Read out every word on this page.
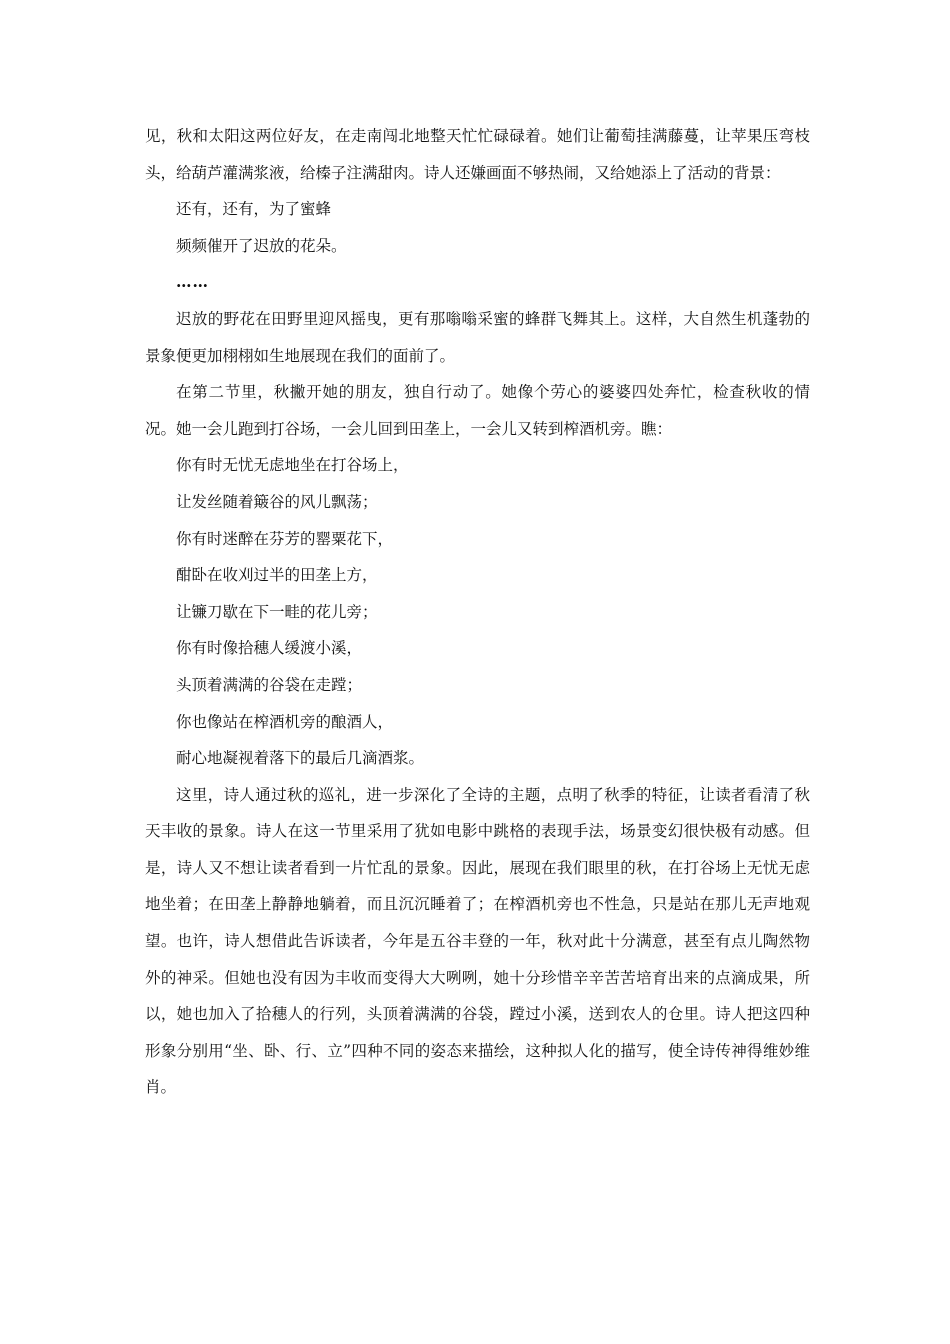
见，秋和太阳这两位好友，在走南闯北地整天忙忙碌碌着。她们让葡萄挂满藤蔓，让苹果压弯枝头，给葫芦灌满浆液，给榛子注满甜肉。诗人还嫌画面不够热闹，又给她添上了活动的背景：

还有，还有，为了蜜蜂

频频催开了迟放的花朵。

……

迟放的野花在田野里迎风摇曳，更有那嗡嗡采蜜的蜂群飞舞其上。这样，大自然生机蓬勃的景象便更加栩栩如生地展现在我们的面前了。

在第二节里，秋撇开她的朋友，独自行动了。她像个劳心的婆婆四处奔忙，检查秋收的情况。她一会儿跑到打谷场，一会儿回到田垄上，一会儿又转到榨酒机旁。瞧：

你有时无忧无虑地坐在打谷场上，

让发丝随着簸谷的风儿飘荡；

你有时迷醉在芬芳的罂粟花下，

酣卧在收刈过半的田垄上方，

让镰刀歇在下一畦的花儿旁；

你有时像拾穗人缓渡小溪，

头顶着满满的谷袋在走蹚；

你也像站在榨酒机旁的酿酒人，

耐心地凝视着落下的最后几滴酒浆。

这里，诗人通过秋的巡礼，进一步深化了全诗的主题，点明了秋季的特征，让读者看清了秋天丰收的景象。诗人在这一节里采用了犹如电影中跳格的表现手法，场景变幻很快极有动感。但是，诗人又不想让读者看到一片忙乱的景象。因此，展现在我们眼里的秋，在打谷场上无忧无虑地坐着；在田垄上静静地躺着，而且沉沉睡着了；在榨酒机旁也不性急，只是站在那儿无声地观望。也许，诗人想借此告诉读者，今年是五谷丰登的一年，秋对此十分满意，甚至有点儿陶然物外的神采。但她也没有因为丰收而变得大大咧咧，她十分珍惜辛辛苦苦培育出来的点滴成果，所以，她也加入了拾穗人的行列，头顶着满满的谷袋，蹚过小溪，送到农人的仓里。诗人把这四种形象分别用“坐、卧、行、立”四种不同的姿态来描绘，这种拟人化的描写，使全诗传神得维妙维肖。
